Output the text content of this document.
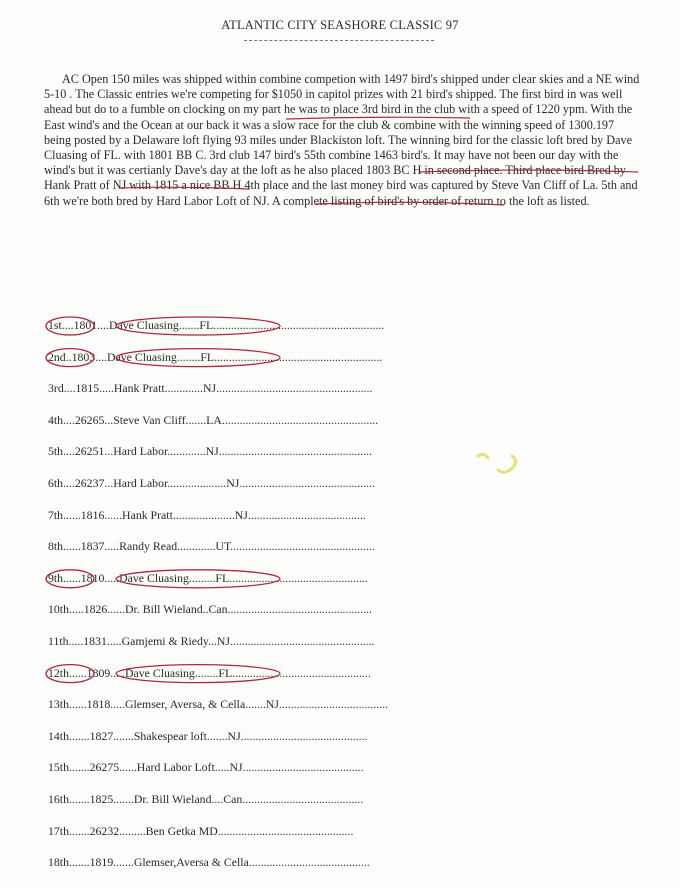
ATLANTIC CITY SEASHORE CLASSIC 97

AC Open 150 miles was shipped within combine competion with 1497 bird's shipped under clear skies and a NE wind 5-10 . The Classic entries we're competing for $1050 in capitol prizes with 21 bird's shipped. The first bird in was well ahead but do to a fumble on clocking on my part he was to place 3rd bird in the club with a speed of 1220 ypm. With the East wind's and the Ocean at our back it was a slow race for the club & combine with the winning speed of 1300.197 being posted by a Delaware loft flying 93 miles under Blackiston loft. The winning bird for the classic loft bred by Dave Cluasing of FL. with 1801 BB C. 3rd club 147 bird's 55th combine 1463 bird's. It may have not been our day with the wind's but it was certianly Dave's day at the loft as he also placed 1803 BC H in second place. Third place bird Bred by Hank Pratt of NJ with 1815 a nice BB H 4th place and the last money bird was captured by Steve Van Cliff of La. 5th and 6th we're both bred by Hard Labor Loft of NJ. A complete listing of bird's by order of return to the loft as listed.

1st....1801....Dave Cluasing.......FL..........................................................
2nd..1803....Dave Cluasing........FL.........................................................
3rd....1815.....Hank Pratt.............NJ.....................................................
4th....26265...Steve Van Cliff.......LA.....................................................
5th....26251...Hard Labor.............NJ....................................................
6th....26237...Hard Labor....................NJ..............................................
7th......1816......Hank Pratt.....................NJ........................................
8th......1837.....Randy Read.............UT.................................................
9th......1810.....Dave Cluasing.........FL...............................................
10th.....1826......Dr. Bill Wieland..Can.................................................
11th.....1831.....Gamjemi & Riedy...NJ.................................................
12th......1809.....Dave Cluasing........FL...............................................
13th......1818.....Glemser, Aversa, & Cella.......NJ.....................................
14th.......1827.......Shakespear loft.......NJ...........................................
15th.......26275......Hard Labor Loft.....NJ.........................................
16th.......1825.......Dr. Bill Wieland....Can.........................................
17th.......26232.........Ben Getka MD..............................................
18th.......1819.......Glemser,Aversa & Cella.........................................
